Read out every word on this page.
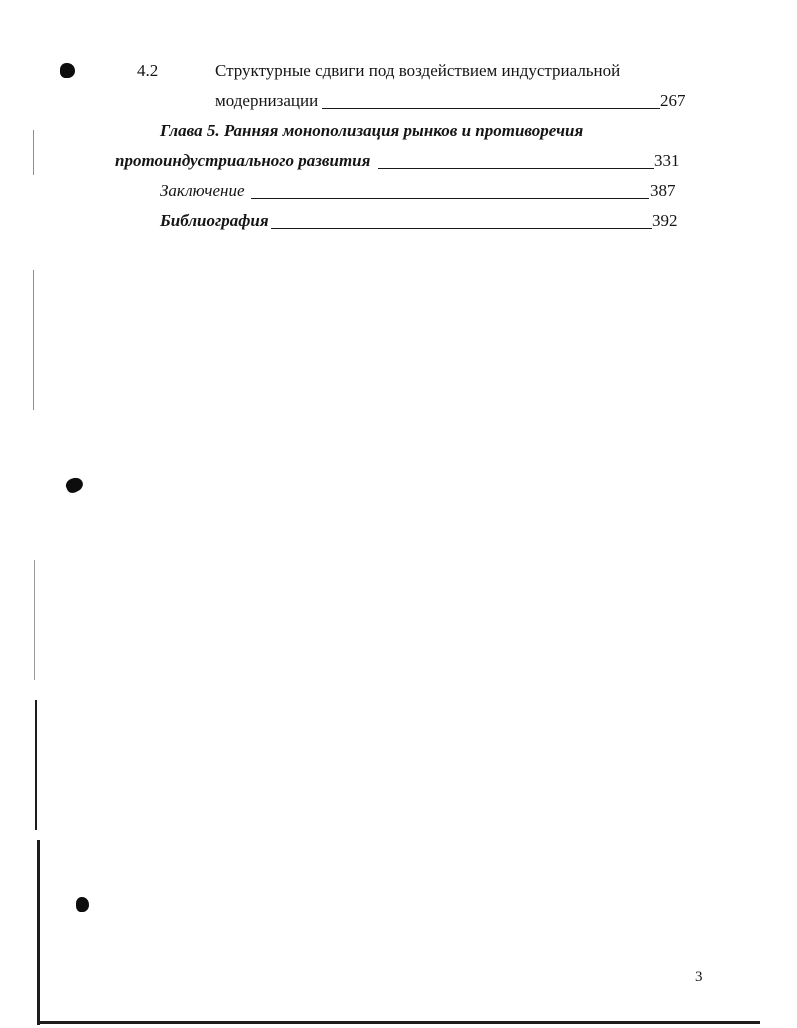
4.2	Структурные сдвиги под воздействием индустриальной
модернизации	267
Глава 5. Ранняя монополизация рынков и противоречия
протоиндустриального развития	331
Заключение	387
Библиография	392
3
